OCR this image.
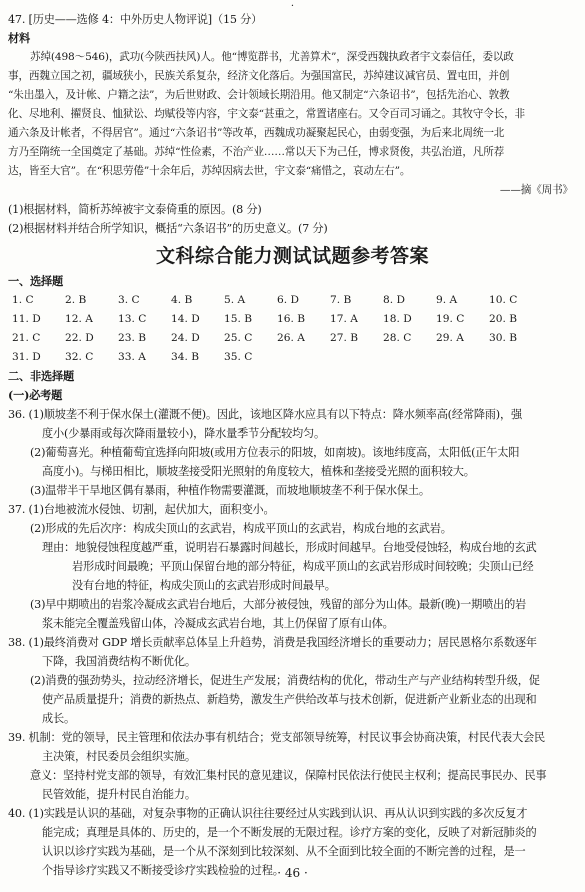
·
47. [历史——选修 4：中外历史人物评说]（15 分）
材料
苏绰(498～546)，武功(今陕西扶风)人。他“博览群书，尤善算术”，深受西魏执政者宇文泰信任，委以政
事，西魏立国之初，疆域狭小，民族关系复杂，经济文化落后。为强国富民，苏绰建议减官员、置屯田，并创
“朱出墨入，及计帐、户籍之法”，为后世财政、会计领域长期沿用。他又制定“六条诏书”，包括先治心、敦教
化、尽地利、擢贤良、恤狱讼、均赋役等内容，宇文泰“甚重之，常置诸座右。又令百司习诵之。其牧守令长，非
通六条及计帐者，不得居官”。通过“六条诏书”等改革，西魏成功凝聚起民心，由弱变强，为后来北周统一北
方乃至隋统一全国奠定了基础。苏绰“性俭素，不治产业……常以天下为己任，博求贤俊，共弘治道，凡所荐
达，皆至大官”。在“积思劳倦”十余年后，苏绰因病去世，宇文泰“痛惜之，哀动左右”。
——摘《周书》
(1)根据材料，简析苏绰被宇文泰倚重的原因。(8 分)
(2)根据材料并结合所学知识，概括“六条诏书”的历史意义。(7 分)
文科综合能力测试试题参考答案
一、选择题
1. C	2. B	3. C	4. B	5. A	6. D	7. B	8. D	9. A	10. C
11. D	12. A	13. C	14. D	15. B	16. B	17. A	18. D	19. C	20. B
21. C	22. D	23. B	24. D	25. C	26. A	27. B	28. C	29. A	30. B
31. D	32. C	33. A	34. B	35. C
二、非选择题
(一)必考题
36. (1)顺坡垄不利于保水保土(灌溉不便)。因此，该地区降水应具有以下特点：降水频率高(经常降雨)，强
度小(少暴雨或每次降雨量较小)，降水量季节分配较均匀。
(2)葡萄喜光。种植葡萄宜选择向阳坡(或用方位表示的阳坡，如南坡)。该地纬度高，太阳低(正午太阳
高度小)。与梯田相比，顺坡垄接受阳光照射的角度较大，植株和垄接受光照的面积较大。
(3)温带半干旱地区偶有暴雨，种植作物需要灌溉，而坡地顺坡垄不利于保水保土。
37. (1)台地被流水侵蚀、切割，起伏加大，面积变小。
(2)形成的先后次序：构成尖顶山的玄武岩，构成平顶山的玄武岩，构成台地的玄武岩。
理由：地貌侵蚀程度越严重，说明岩石暴露时间越长，形成时间越早。台地受侵蚀轻，构成台地的玄武
岩形成时间最晚；平顶山保留台地的部分特征，构成平顶山的玄武岩形成时间较晚；尖顶山已经
没有台地的特征，构成尖顶山的玄武岩形成时间最早。
(3)早中期喷出的岩浆冷凝成玄武岩台地后，大部分被侵蚀，残留的部分为山体。最新(晚)一期喷出的岩
浆未能完全覆盖残留山体，冷凝成玄武岩台地，其上仍保留了原有山体。
38. (1)最终消费对 GDP 增长贡献率总体呈上升趋势，消费是我国经济增长的重要动力；居民恩格尔系数逐年
下降，我国消费结构不断优化。
(2)消费的强劲势头，拉动经济增长，促进生产发展；消费结构的优化，带动生产与产业结构转型升级，促
使产品质量提升；消费的新热点、新趋势，激发生产供给改革与技术创新，促进新产业新业态的出现和
成长。
39. 机制：党的领导，民主管理和依法办事有机结合；党支部领导统筹，村民议事会协商决策，村民代表大会民
主决策，村民委员会组织实施。
意义：坚持村党支部的领导，有效汇集村民的意见建议，保障村民依法行使民主权利；提高民事民办、民事
民管效能，提升村民自治能力。
40. (1)实践是认识的基础，对复杂事物的正确认识往往要经过从实践到认识、再从认识到实践的多次反复才
能完成；真理是具体的、历史的，是一个不断发展的无限过程。诊疗方案的变化，反映了对新冠肺炎的
认识以诊疗实践为基础，是一个从不深刻到比较深刻、从不全面到比较全面的不断完善的过程，是一
个指导诊疗实践又不断接受诊疗实践检验的过程。
· 46 ·
